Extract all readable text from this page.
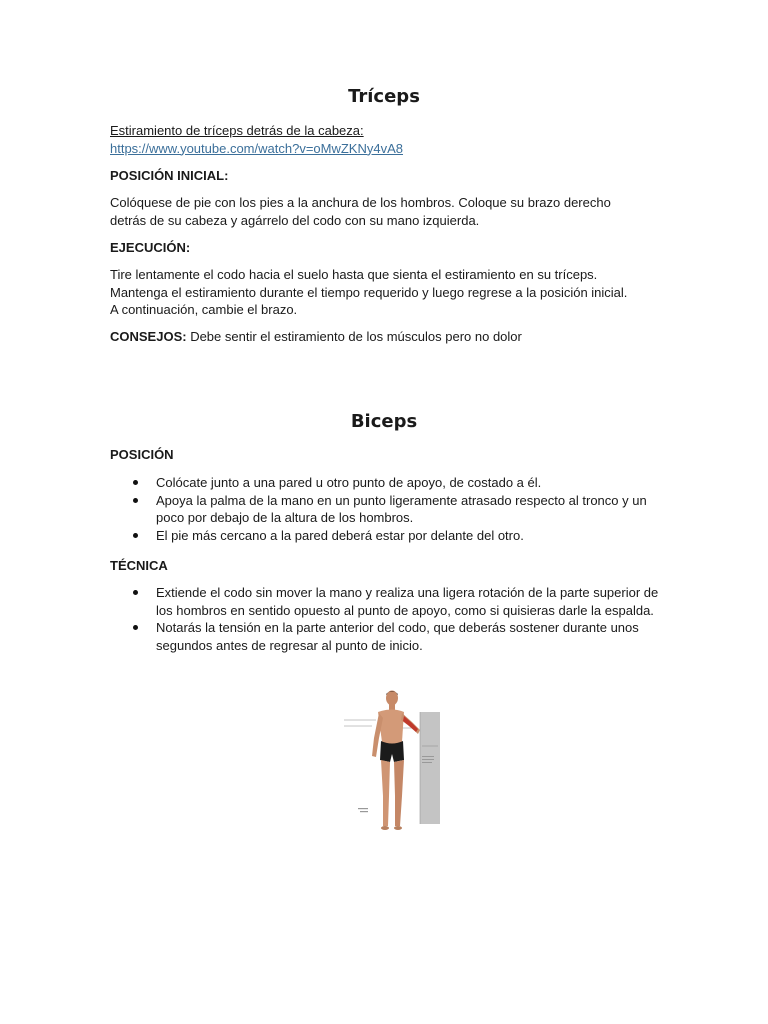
Tríceps

Estiramiento de tríceps detrás de la cabeza:
https://www.youtube.com/watch?v=oMwZKNy4vA8

POSICIÓN INICIAL:

Colóquese de pie con los pies a la anchura de los hombros. Coloque su brazo derecho
detrás de su cabeza y agárrelo del codo con su mano izquierda.

EJECUCIÓN:

Tire lentamente el codo hacia el suelo hasta que sienta el estiramiento en su tríceps.
Mantenga el estiramiento durante el tiempo requerido y luego regrese a la posición inicial.
A continuación, cambie el brazo.

CONSEJOS: Debe sentir el estiramiento de los músculos pero no dolor

Biceps

POSICIÓN

Colócate junto a una pared u otro punto de apoyo, de costado a él.
Apoya la palma de la mano en un punto ligeramente atrasado respecto al tronco y un poco por debajo de la altura de los hombros.
El pie más cercano a la pared deberá estar por delante del otro.

TÉCNICA

Extiende el codo sin mover la mano y realiza una ligera rotación de la parte superior de los hombros en sentido opuesto al punto de apoyo, como si quisieras darle la espalda.
Notarás la tensión en la parte anterior del codo, que deberás sostener durante unos segundos antes de regresar al punto de inicio.
